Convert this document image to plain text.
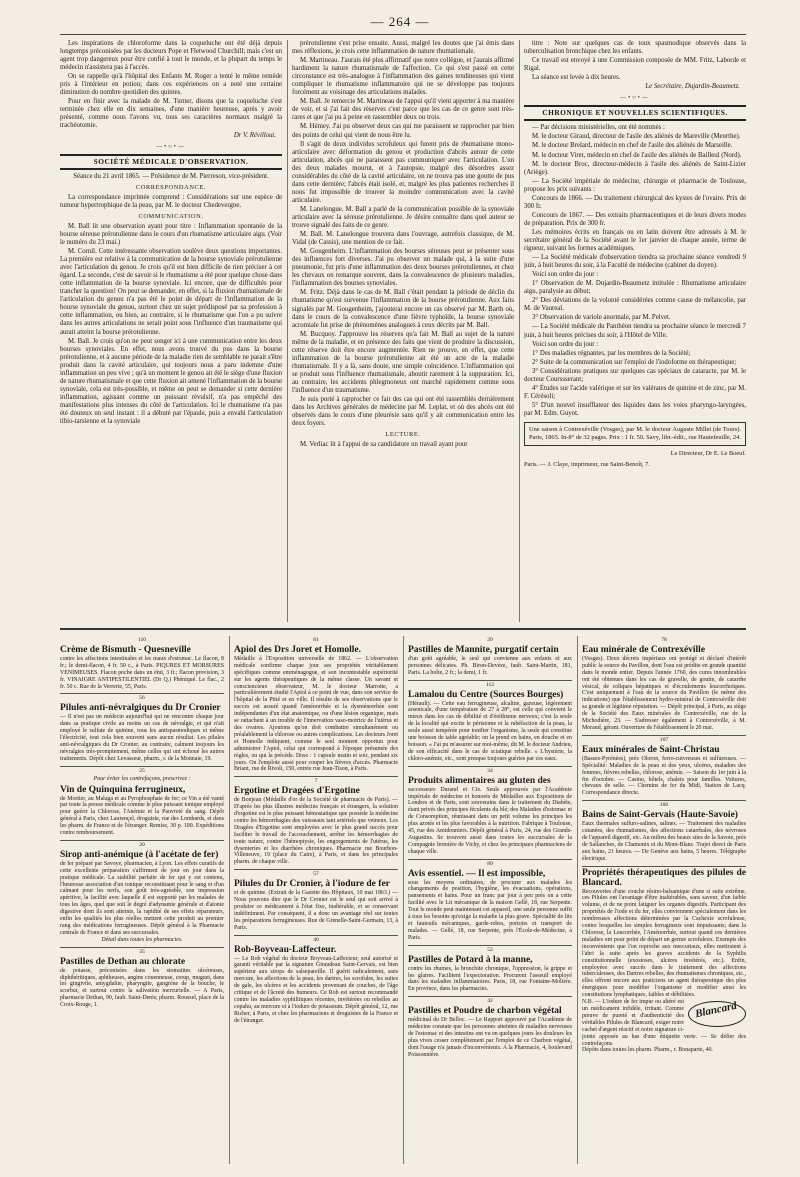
— 264 —

Les inspirations de chloroforme dans la coqueluche ont été déjà depuis longtemps préconisées par les docteurs Pope et Fletwood Churchill; mais c'est un agent trop dangereux pour être confié à tout le monde, et la plupart du temps le médecin n'assistera pas à l'accès.

On se rappelle qu'à l'hôpital des Enfants M. Roger a tenté le même remède pris à l'intérieur en potion; dans ces expériences on a noté une certaine diminution du nombre quotidien des quintes.

Pour en finir avec la malade de M. Turner, disons que la coqueluche s'est terminée chez elle en dix semaines, d'une manière heureuse, après y avoir présenté, comme nous l'avons vu, tous ses caractères normaux malgré la trachéotomie.

Dr V. Révillout.
—•○•—
SOCIÉTÉ MÉDICALE D'OBSERVATION.
Séance du 21 avril 1865. — Présidence de M. Pierreson, vice-président.
CORRESPONDANCE.

La correspondance imprimée comprend : Considérations sur une espèce de tumeur hypertrophique de la peau, par M. le docteur Chedevergne.

COMMUNICATION.

M. Ball lit une observation ayant pour titre : Inflammation spontanée de la bourse séreuse prérotulienne dans le cours d'un rhumatisme articulaire aigu. (Voir le numéro du 23 mai.)

M. Cornil. Cette intéressante observation soulève deux questions importantes. La première est relative à la communication de la bourse synoviale prérotulienne avec l'articulation du genou. Je crois qu'il est bien difficile de rien préciser à cet égard. La seconde, c'est de savoir si le rhumatisme a été pour quelque chose dans cette inflammation de la bourse synoviale. Ici encore, que de difficultés pour trancher la question! On peut se demander, en effet, si la fluxion rhumatismale de l'articulation du genou n'a pas été le point de départ de l'inflammation de la bourse synoviale du genou, surtout chez un sujet prédisposé par sa profession à cette inflammation, ou bien, au contraire, si le rhumatisme que l'on a pu suivre dans les autres articulations ne serait point sous l'influence d'un traumatisme qui aurait atteint la bourse prérotulienne.

M. Ball. Je crois qu'on ne peut songer ici à une communication entre les deux bourses synoviales. En effet, nous avons trouvé du pus dans la bourse prérotulienne, et à aucune période de la maladie rien de semblable ne parait s'être produit dans la cavité articulaire, qui toujours nous a paru indemne d'une inflammation un peu vive ; qu'à un moment le genou ait été le siège d'une fluxion de nature rhumatismale et que cette fluxion ait amené l'inflammation de la bourse synoviale, cela est très-possible, et même on peut se demander si cette dernière inflammation, agissant comme un puissant révulsif, n'a pas empêché des manifestations plus intenses du côté de l'articulation. Ici le rhumatisme n'a pas été douteux un seul instant : il a débuté par l'épaule, puis a envahi l'articulation tibio-tarsienne et la synoviale

prérotulienne s'est prise ensuite. Aussi, malgré les doutes que j'ai émis dans mes réflexions, je crois cette inflammation de nature rhumatismale.

M. Martineau. J'aurais été plus affirmatif que notre collègue, et j'aurais affirmé hardiment la nature rhumatismale de l'affection. Ce qui s'est passé en cette circonstance est très-analogue à l'inflammation des gaines tendineuses qui vient compliquer le rhumatisme inflammatoire qui ne se développe pas toujours forcément au voisinage des articulations malades.

M. Ball. Je remercie M. Martineau de l'appui qu'il vient apporter à ma manière de voir, et si j'ai fait des réserves c'est parce que les cas de ce genre sont très-rares et que j'ai pu à peine en rassembler deux ou trois.

M. Hémey. J'ai pu observer deux cas qui me paraissent se rapprocher par bien des points de celui qui vient de nous être lu.

Il s'agit de deux individus scrofuleux qui furent pris de rhumatisme mono-articulaire avec déformation du genou et production d'abcès autour de cette articulation, abcès qui ne paraissent pas communiquer avec l'articulation. L'un des deux malades mourut, et à l'autopsie, malgré des désordres assez considérables du côté de la cavité articulaire, on ne trouva pas une goutte de pus dans cette dernière; l'abcès était isolé, et, malgré les plus patientes recherches il nous fut impossible de trouver la moindre communication avec la cavité articulaire.

M. Lanelongue. M. Ball a parlé de la communication possible de la synoviale articulaire avec la séreuse prérotulienne. Je désire connaître dans quel auteur se trouve signalé des faits de ce genre.

M. Ball. M. Lanelongue trouvera dans l'ouvrage, autrefois classique, de M. Vidal (de Cassis), une mention de ce fait.

M. Gougenheim. L'inflammation des bourses séreuses peut se présenter sous des influences fort diverses. J'ai pu observer un malade qui, à la suite d'une pneumonie, fut pris d'une inflammation des deux bourses prérotuliennes, et chez les chevaux on remarque souvent, dans la convalescence de plusieurs maladies, l'inflammation des bourses synoviales.

M. Fritz. Déjà dans le cas de M. Ball c'était pendant la période de déclin du rhumatisme qu'est survenue l'inflammation de la bourse prérotulienne. Aux faits signalés par M. Gougenheim, j'ajouterai encore un cas observé par M. Barth où, dans le cours de la convalescence d'une fièvre typhoïde, la bourse synoviale acromiale fut prise de phénomènes analogues à ceux décrits par M. Ball.

M. Bucquoy. J'approuve les réserves qu'a fait M. Ball au sujet de la nature même de la maladie, et en présence des faits que vient de produire la discussion, cette réserve doit être encore augmentée. Rien ne prouve, en effet, que cette inflammation de la bourse prérotulienne ait été un acte de la maladie rhumatismale. Il y a là, sans doute, une simple coïncidence. L'inflammation qui se produit sous l'influence rhumatismale, aboutit rarement à la suppuration. Ici, au contraire, les accidents phlegmoneux ont marché rapidement comme sous l'influence d'un traumatisme.

Je suis porté à rapprocher ce fait des cas qui ont été rassemblés dernièrement dans les Archives générales de médecine par M. Leplat, et où des abcès ont été observés dans le cours d'une pleurésie sans qu'il y ait communication entre les deux foyers.

LECTURE.

M. Verliac lit à l'appui de sa candidature un travail ayant pour

titre : Note sur quelques cas de toux spasmodique observés dans la tuberculisation bronchique chez les enfants.

Ce travail est envoyé à une Commission composée de MM. Fritz, Laborde et Rigal.

La séance est levée à dix heures.

Le Secrétaire, Dujardin-Beaumetz.
—•○•—
CHRONIQUE ET NOUVELLES SCIENTIFIQUES.

— Par décisions ministérielles, ont été nommés :

M. le docteur Giraud, directeur de l'asile des aliénés de Mareville (Meurthe).

M. le docteur Brelard, médecin en chef de l'asile des aliénés de Marseille.

M. le docteur Viret, médecin en chef de l'asile des aliénés de Bailleul (Nord).

M. le docteur Broc, directeur-médecin à l'asile des aliénés de Saint-Lizier (Ariège).

— La Société impériale de médecine, chirurgie et pharmacie de Toulouse, propose les prix suivants :

Concours de 1866. — Du traitement chirurgical des kystes de l'ovaire. Prix de 300 fr.

Concours de 1867. — Des extraits pharmaceutiques et de leurs divers modes de préparation. Prix de 300 fr.

Les mémoires écrits en français ou en latin doivent être adressés à M. le secrétaire général de la Société avant le 1er janvier de chaque année, terme de rigueur, suivant les formes académiques.

— La Société médicale d'observation tiendra sa prochaine séance vendredi 9 juin, à huit heures du soir, à la Faculté de médecine (cabinet du doyen).

Voici son ordre du jour :

1° Observation de M. Dujardin-Beaumetz intitulée : Rhumatisme articulaire aigu, paralysie au début;

2° Des déviations de la volonté considérées comme cause de mélancolie, par M. de Vaureal.

3° Observation de variole anormale, par M. Pelvet.

— La Société médicale du Panthéon tiendra sa prochaine séance le mercredi 7 juin, à huit heures précises du soir, à l'Hôtel de Ville.

Voici son ordre du jour :

1° Des maladies régnantes, par les membres de la Société;

2° Suite de la communication sur l'emploi de l'iodoforme en thérapeutique;

3° Considérations pratiques sur quelques cas spéciaux de cataracte, par M. le docteur Courssserant;

4° Études sur l'acide valérique et sur les valérates de quinine et de zinc, par M. F. Cérésoli;

5° D'un nouvel insufflateur des liquides dans les voies pharyngo-laryngées, par M. Edm. Guyot.

Une saison à Contrexéville (Vosges), par M. le docteur Auguste Millet (de Tours). Paris, 1865. In-8° de 32 pages. Prix : 1 fr. 50. Savy, libr.-édit., rue Hautefeuille, 24.
Le Directeur, Dr E. Le Boeuf.
Paris. — J. Claye, imprimeur, rue Saint-Benoît, 7.
110
Crème de Bismuth - Quesneville
contre les affections intestinales et les maux d'estomac. Le flacon, 8 fr.; le demi-flacon, 4 fr. 50 c., à Paris. PIQURES ET MORSURES VENIMEUSES. Flacon poche dans un étui, 3 fr.; flacon provision, 3 fr. VINAIGRE ANTIPESTILENTIEL (Dr Q.) Phéniqué. Le flac., 2 fr. 50 c. Rue de la Verrerie, 55, Paris.
56
Pilules anti-névralgiques du Dr Cronier
— Il n'est pas un médecin aujourd'hui qui ne rencontre chaque jour dans sa pratique civile au moins un cas de névralgie, et qui n'ait employé le sulfate de quinine, tous les antispasmodiques et même l'électricité, tout cela bien souvent sans aucun résultat. Les pilules anti-névralgiques du Dr Cronier, au contraire, calment toujours les névralgies très-promptement, même celles qui ont échoué les autres traitements. Dépôt chez Levasseur, pharm., r. de la Monnaie, 19.
25
Pour éviter les contrefaçons, prescrivez :
Vin de Quinquina ferrugineux,
de Mortier, au Malaga et au Pyrophosphate de fer; ce Vin a été vanté par toute la presse médicale comme le plus puissant tonique employé pour guérir la Chlorose, l'Anémie et la Pauvreté du sang. Dépôt général à Paris, chez Laurençel, droguiste, rue des Lombards, et dans les pharm. de France et de l'étranger. Remise, 30 p. 100. Expéditions contre remboursement.
20
Sirop anti-anémique (à l'acétate de fer)
de fer préparé par Savoye, pharmacien, à Lyon. Les effets curatifs de cette excellente préparation s'affirment de jour en jour dans la pratique médicale. La stabilité parfaite de fer qui y est contenu, l'heureuse association d'un tonique reconstituant pour le sang et d'un calmant pour les nerfs, son goût très-agréable, son impression apéritive, la facilité avec laquelle il est supporté par les malades de tous les âges, quel que soit le degré d'adynamie générale et d'atonie digestive dont ils sont atteints, la rapidité de ses effets réparateurs, enfin les qualités les plus réelles mettent cette produit au premier rang des médications ferrugineuses. Dépôt général à la Pharmacie centrale de France et dans ses succursales.
Détail dans toutes les pharmacies.
35
Pastilles de Dethan au chlorate
de potasse, préconisées dans les stomatites ulcéreuses, diphthéritiques, aphtheuses, angine couenneuse, croup, muguet, dans les gingivite, amygdalite, pharyngite, gangrène de la bouche, le scorbut, et surtout contre la salivation mercurielle. — A Paris, pharmacie Dethan, 90, faub. Saint-Denis; pharm. Roussel, place de la Croix-Rouge, 1.
81
Apiol des Drs Joret et Homolle.
Médaille à l'Exposition universelle de 1862. — L'observation médicale confirme chaque jour ses propriétés véritablement spécifiques comme emménagogue, et son incontestable supériorité sur les agents thérapeutiques de la même classe. Un savant et consciencieux observateur, M. le docteur Marrotte, a particulièrement étudié l'Apiol à ce point de vue, dans son service de l'hôpital de la Pitié et en ville. Il résulte de ses observations que le succès est assuré quand l'aménorrhée et la dysménorrhée sont indépendantes d'un état anatomique, ou d'une lésion organique, mais se rattachent à un trouble de l'innervation vaso-motrice de l'utérus et des ovaires. Ajoutons qu'on doit combattre simultanément ou préalablement la chlorose ou autres complications. Les docteurs Joret et Homolle indiquent, comme le seul moment opportun pour administrer l'Apiol, celui qui correspond à l'époque présumée des règles, ou qui la précède. Dose : 1 capsule matin et soir, pendant six jours. On l'emploie aussi pour couper les fièvres d'accès. Pharmacie Briant, rue de Rivoli, 150, entrée rue Jean-Tison, à Paris.
7
Ergotine et Dragées d'Ergotine
de Bonjean (Médaille d'or de la Société de pharmacie de Paris). — D'après les plus illustres médecins français et étrangers, la solution d'ergotine est le plus puissant hémostatique que possède la médecine contre les hémorrhagies des vaisseaux tant artériels que veineux. Les Dragées d'Ergotine sont employées avec le plus grand succès pour faciliter le travail de l'accouchement, arrêter les hémorrhagies de toute nature, contre l'hémoptysie, les engorgements de l'utérus, les dysenteries et les diarrhées chroniques. Pharmacie rue Bourbon-Villeneuve, 19 (place du Caire), à Paris, et dans les principales pharm. de chaque ville.
57
Pilules du Dr Cronier, à l'iodure de fer
et de quinine. (Extrait de la Gazette des Hôpitaux, 10 mai 1863.) — Nous pouvons dire que le Dr Cronier est le seul qui soit arrivé à produire ce médicament à l'état fixe, inaltérable, et se conservant indéfiniment. Par conséquent, il a donc un avantage réel sur toutes les préparations ferrugineuses. Rue de Grenelle-Saint-Germain, 13, à Paris.
40
Rob-Boyveau-Laffecteur.
— Le Rob végétal du docteur Boyveau-Laffecteur, seul autorisé et garanti véritable par la signature Giraudeau Saint-Gervais, est bien supérieur aux sirops de salsepareille. Il guérit radicalement, sans mercure, les affections de la peau, les dartres, les scrofules, les suites de gale, les ulcères et les accidents provenant de couches, de l'âge critique et de l'âcreté des humeurs. Ce Rob est surtout recommandé contre les maladies syphilitiques récentes, invétérées ou rebelles au copahu, au mercure et à l'iodure de potassium. Dépôt général, 12, rue Richer, à Paris, et chez les pharmaciens et droguistes de la France et de l'étranger.
39
Pastilles de Mannite, purgatif certain
d'un goût agréable, le seul qui convienne aux enfants et aux personnes délicates. Ph. Biron-Devèze, faub. Saint-Martin, 181, Paris. La boîte, 2 fr.; la demi, 1 fr.
112
Lamalou du Centre (Sources Bourges)
(Hérault). — Cette eau ferrugineuse, alcaline, gazeuse, légèrement arsenicale, d'une température de 27 à 28°, est celle qui convient le mieux dans les cas de débilité et d'éréthisme nerveux; c'est la seule de la localité qui excite le péristome et la rubéfaction de la peau, la seule aussi tempérée pour tonifier l'organisme, la seule qui constitue une boisson de table agréable; on la prend en bains, en douche et en boisson. « J'ai pu m'assurer sur moi-même, dit M. le docteur Andrieu, de son efficacité dans le cas de sciatique rebelle. » L'hystérie, la chloro-anémie, etc., sont presque toujours guéries par ces eaux.
34
Produits alimentaires au gluten des
successeurs Durand et Cie. Seuls approuvés par l'Académie impériale de médecine et honorés de Médailles aux Expositions de Londres et de Paris, sont souverains dans le traitement du Diabète, étant privés des principes féculents du blé; des Maladies d'estomac et de Consomption, réunissant dans un petit volume les principes les plus azotés et les plus favorables à la nutrition. Fabrique à Toulouse, 45, rue des Amidonniers. Dépôt général à Paris, 24, rue des Grands-Augustins. Se trouvent aussi dans toutes les succursales de la Compagnie fermière de Vichy, et chez les principaux pharmaciens de chaque ville.
89
Avis essentiel. — Il est impossible,
sous les moyens ordinaires, de procurer aux malades les changements de position, l'hygiène, les évacuations, opérations, pansements et bains. Pour un franc par jour à peu près on a cette facilité avec le Lit mécanique de la maison Gellé, 18, rue Serpente. Tout le monde peut maintenant cet appareil, une seule personne suffit à tous les besoins qu'exige la maladie la plus grave. Spécialité de lits et fauteuils mécaniques, garde-robes, portoirs et transport de malades. — Gellé, 18, rue Serpente, près l'École-de-Médecine, à Paris.
52
Pastilles de Potard à la manne,
contre les rhumes, la bronchite chronique, l'oppression, la grippe et les glaires. Facilitent l'expectoration. Procurent l'asseuil employé dans les maladies inflammatoires. Paris, 18, rue Fontaine-Molière. En province, dans les pharmacies.
42
Pastilles et Poudre de charbon végétal
médicinal du Dr Belloc. — Le Rapport approuvé par l'Académie de médecine constate que les personnes atteintes de maladies nerveuses de l'estomac et des intestins ont vu en quelques jours les douleurs les plus vives cesser complètement par l'emploi de ce Charbon végétal, dont l'usage n'a jamais d'inconvénients. A la Pharmacie, 4, boulevard Poissonnière.
78
Eau minérale de Contrexéville
(Vosges). Deux décrets impériaux ont protégé et déclaré d'intérêt public la source du Pavillon, dont l'eau est prédite en grande quantité dans le monde entier. Depuis l'année 1760, des cures innombrables ont été obtenues dans les cas de gravelle, de goutte, de catarrhe vésical, de coliques hépatiques et d'écoulements leucorrhoïques. C'est uniquement à l'eau de la source du Pavillon (le même des indications) que l'établissement hydro-minéral de Contrexéville doit sa grande et légitime réputation. — Dépôt principal, à Paris, au siège de la Société des Eaux minérales de Contrexéville, rue de la Michodière, 23. — S'adresser également à Contrexéville, à M. Morand, gérant. Ouverture de l'établissement le 20 mai.
107
Eaux minérales de Saint-Christau
(Basses-Pyrénées), près Oloron, ferro-cuivreuses et sulfureuses. — Spécialité: Maladies de la peau et des yeux, ulcères, maladies des femmes, fièvres rebelles, chlorose, anémie. — Saison du 1er juin à la fin d'octobre. — Casino, hôtels, chalets pour familles. Voitures, chevaux de selle. — Chemins de fer du Midi, Station de Lacq. Correspondance directe.
106
Bains de Saint-Gervais (Haute-Savoie)
Eaux thermales sulfuro-salines, salines. — Traitement des maladies cutanées, des rhumatismes, des affections catarrhales, des névroses de l'appareil digestif, etc. Au milieu des beaux sites de la Savoie, près de Sallanches, de Chamonix et du Mont-Blanc. Trajet direct de Paris aux bains, 21 heures. — De Genève aux bains, 5 heures. Télégraphe électrique.
Propriétés thérapeutiques des pilules de Blancard.
Recouvertes d'une couche résino-balsamique d'une si suite extrême, ces Pilules ont l'avantage d'être inaltérables, sans saveur, d'un faible volume, et de ne point fatiguer les organes digestifs. Participant des propriétés de l'iode et du fer, elles conviennent spécialement dans les nombreuses affections déterminées par la Cachexie scrofuleuse, contre lesquelles les simples ferrugineux sont impuissants; dans la Chlorose, la Leucorrhée, l'Aménorrhée, surtout quand ces dernières maladies ont pour point de départ un germe scrofuleux. Exempts des inconvénients que l'on reproche aux mercuriaux, elles mettraient à l'abri la suite après les graves accidents de la Syphilis constitutionnelle (exostoses, ulcères invétérés, etc.). Enfin, employées avec succès dans le traitement des affections tuberculeuses, des Dartres rebelles, des rhumatismes chroniques, etc., elles offrent encore aux praticiens un agent thérapeutique des plus énergiques pour modifier l'organisme et modifier ainsi les constitutions lymphatiques, faibles et débilitées.
Blancard
N.B. — L'iodure de fer impur ou altéré est un médicament infidèle, irritant. Comme preuve de pureté et d'authenticité des véritables Pilules de Blancard, exiger notre cachet d'argent réactif et notre signature ci-jointe apposée au bas d'une étiquette verte. — Se défier des contrefaçons.
Dépôts dans toutes les pharm. Pharm., r. Bonaparte, 40.
